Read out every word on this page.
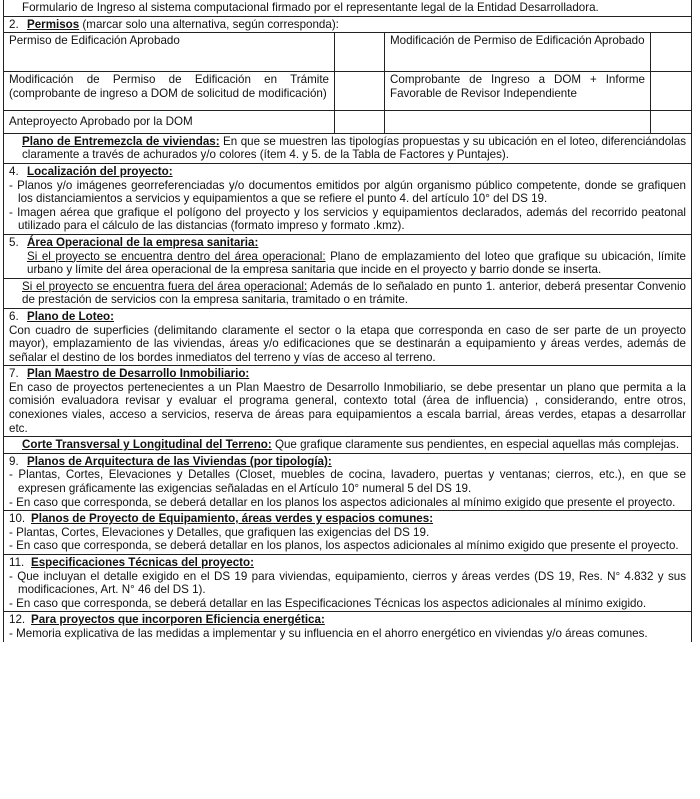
Formulario de Ingreso al sistema computacional firmado por el representante legal de la Entidad Desarrolladora.
2. Permisos (marcar solo una alternativa, según corresponda):
Permiso de Edificación Aprobado	Modificación de Permiso de Edificación Aprobado
Modificación de Permiso de Edificación en Trámite (comprobante de ingreso a DOM de solicitud de modificación)
Comprobante de Ingreso a DOM + Informe Favorable de Revisor Independiente
Anteproyecto Aprobado por la DOM
Plano de Entremezcla de viviendas: En que se muestren las tipologías propuestas y su ubicación en el loteo, diferenciándolas claramente a través de achurados y/o colores (ítem 4. y 5. de la Tabla de Factores y Puntajes).
4. Localización del proyecto:
- Planos y/o imágenes georreferenciadas y/o documentos emitidos por algún organismo público competente, donde se grafiquen los distanciamientos a servicios y equipamientos a que se refiere el punto 4. del artículo 10° del DS 19.
- Imagen aérea que grafique el polígono del proyecto y los servicios y equipamientos declarados, además del recorrido peatonal utilizado para el cálculo de las distancias (formato impreso y formato .kmz).
5. Área Operacional de la empresa sanitaria:
Si el proyecto se encuentra dentro del área operacional: Plano de emplazamiento del loteo que grafique su ubicación, límite urbano y límite del área operacional de la empresa sanitaria que incide en el proyecto y barrio donde se inserta.
Si el proyecto se encuentra fuera del área operacional: Además de lo señalado en punto 1. anterior, deberá presentar Convenio de prestación de servicios con la empresa sanitaria, tramitado o en trámite.
6. Plano de Loteo:
Con cuadro de superficies (delimitando claramente el sector o la etapa que corresponda en caso de ser parte de un proyecto mayor), emplazamiento de las viviendas, áreas y/o edificaciones que se destinarán a equipamiento y áreas verdes, además de señalar el destino de los bordes inmediatos del terreno y vías de acceso al terreno.
7. Plan Maestro de Desarrollo Inmobiliario:
En caso de proyectos pertenecientes a un Plan Maestro de Desarrollo Inmobiliario, se debe presentar un plano que permita a la comisión evaluadora revisar y evaluar el programa general, contexto total (área de influencia) , considerando, entre otros, conexiones viales, acceso a servicios, reserva de áreas para equipamientos a escala barrial, áreas verdes, etapas a desarrollar etc.
Corte Transversal y Longitudinal del Terreno: Que grafique claramente sus pendientes, en especial aquellas más complejas.
9. Planos de Arquitectura de las Viviendas (por tipología):
- Plantas, Cortes, Elevaciones y Detalles (Closet, muebles de cocina, lavadero, puertas y ventanas; cierros, etc.), en que se expresen gráficamente las exigencias señaladas en el Artículo 10° numeral 5 del DS 19.
- En caso que corresponda, se deberá detallar en los planos los aspectos adicionales al mínimo exigido que presente el proyecto.
10. Planos de Proyecto de Equipamiento, áreas verdes y espacios comunes:
- Plantas, Cortes, Elevaciones y Detalles, que grafiquen las exigencias del DS 19.
- En caso que corresponda, se deberá detallar en los planos, los aspectos adicionales al mínimo exigido que presente el proyecto.
11. Especificaciones Técnicas del proyecto:
- Que incluyan el detalle exigido en el DS 19 para viviendas, equipamiento, cierros y áreas verdes (DS 19, Res. N° 4.832 y sus modificaciones, Art. N° 46 del DS 1).
- En caso que corresponda, se deberá detallar en las Especificaciones Técnicas los aspectos adicionales al mínimo exigido.
12. Para proyectos que incorporen Eficiencia energética:
- Memoria explicativa de las medidas a implementar y su influencia en el ahorro energético en viviendas y/o áreas comunes.
